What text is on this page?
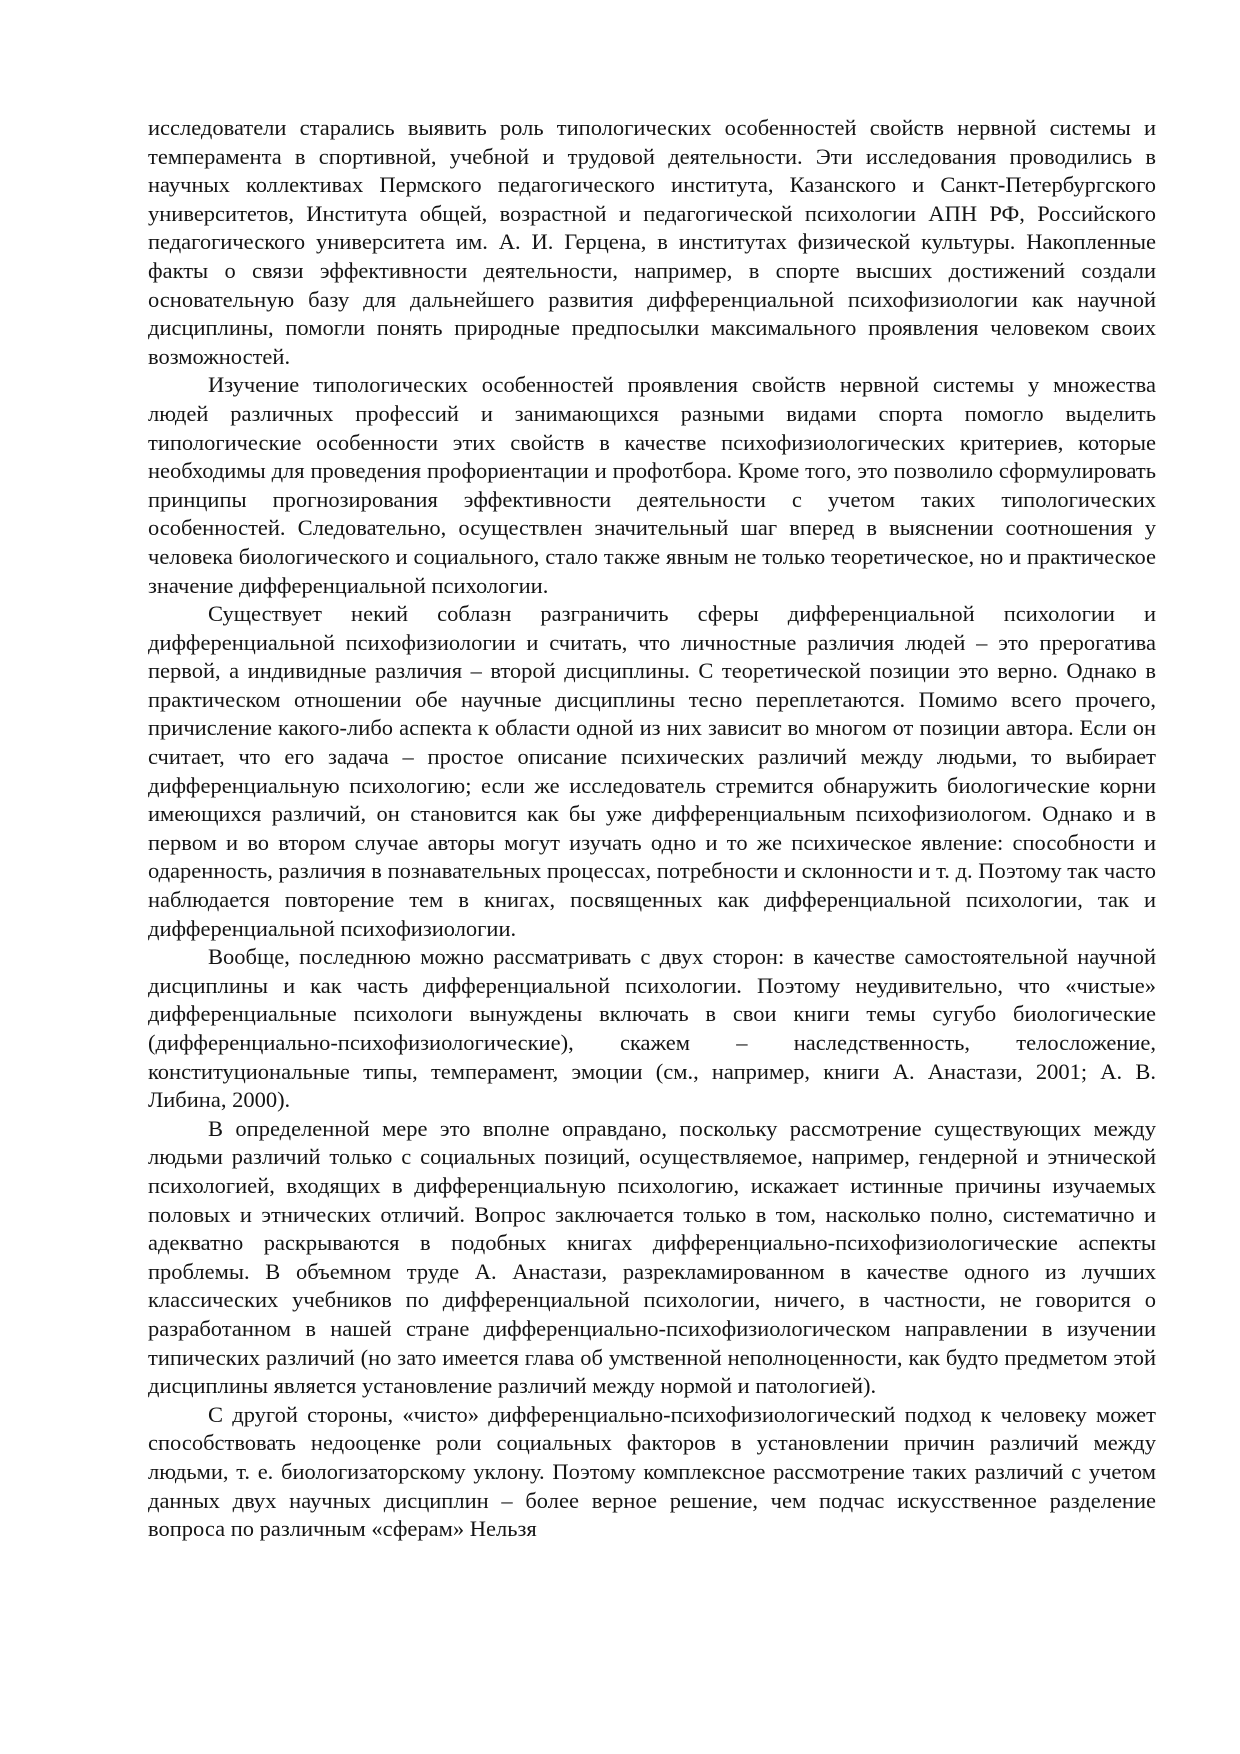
исследователи старались выявить роль типологических особенностей свойств нервной системы и темперамента в спортивной, учебной и трудовой деятельности. Эти исследования проводились в научных коллективах Пермского педагогического института, Казанского и Санкт-Петербургского университетов, Института общей, возрастной и педагогической психологии АПН РФ, Российского педагогического университета им. А. И. Герцена, в институтах физической культуры. Накопленные факты о связи эффективности деятельности, например, в спорте высших достижений создали основательную базу для дальнейшего развития дифференциальной психофизиологии как научной дисциплины, помогли понять природные предпосылки максимального проявления человеком своих возможностей.

Изучение типологических особенностей проявления свойств нервной системы у множества людей различных профессий и занимающихся разными видами спорта помогло выделить типологические особенности этих свойств в качестве психофизиологических критериев, которые необходимы для проведения профориентации и профотбора. Кроме того, это позволило сформулировать принципы прогнозирования эффективности деятельности с учетом таких типологических особенностей. Следовательно, осуществлен значительный шаг вперед в выяснении соотношения у человека биологического и социального, стало также явным не только теоретическое, но и практическое значение дифференциальной психологии.

Существует некий соблазн разграничить сферы дифференциальной психологии и дифференциальной психофизиологии и считать, что личностные различия людей – это прерогатива первой, а индивидные различия – второй дисциплины. С теоретической позиции это верно. Однако в практическом отношении обе научные дисциплины тесно переплетаются. Помимо всего прочего, причисление какого-либо аспекта к области одной из них зависит во многом от позиции автора. Если он считает, что его задача – простое описание психических различий между людьми, то выбирает дифференциальную психологию; если же исследователь стремится обнаружить биологические корни имеющихся различий, он становится как бы уже дифференциальным психофизиологом. Однако и в первом и во втором случае авторы могут изучать одно и то же психическое явление: способности и одаренность, различия в познавательных процессах, потребности и склонности и т. д. Поэтому так часто наблюдается повторение тем в книгах, посвященных как дифференциальной психологии, так и дифференциальной психофизиологии.

Вообще, последнюю можно рассматривать с двух сторон: в качестве самостоятельной научной дисциплины и как часть дифференциальной психологии. Поэтому неудивительно, что «чистые» дифференциальные психологи вынуждены включать в свои книги темы сугубо биологические (дифференциально-психофизиологические), скажем – наследственность, телосложение, конституциональные типы, темперамент, эмоции (см., например, книги А. Анастази, 2001; А. В. Либина, 2000).

В определенной мере это вполне оправдано, поскольку рассмотрение существующих между людьми различий только с социальных позиций, осуществляемое, например, гендерной и этнической психологией, входящих в дифференциальную психологию, искажает истинные причины изучаемых половых и этнических отличий. Вопрос заключается только в том, насколько полно, систематично и адекватно раскрываются в подобных книгах дифференциально-психофизиологические аспекты проблемы. В объемном труде А. Анастази, разрекламированном в качестве одного из лучших классических учебников по дифференциальной психологии, ничего, в частности, не говорится о разработанном в нашей стране дифференциально-психофизиологическом направлении в изучении типических различий (но зато имеется глава об умственной неполноценности, как будто предметом этой дисциплины является установление различий между нормой и патологией).

С другой стороны, «чисто» дифференциально-психофизиологический подход к человеку может способствовать недооценке роли социальных факторов в установлении причин различий между людьми, т. е. биологизаторскому уклону. Поэтому комплексное рассмотрение таких различий с учетом данных двух научных дисциплин – более верное решение, чем подчас искусственное разделение вопроса по различным «сферам» Нельзя
